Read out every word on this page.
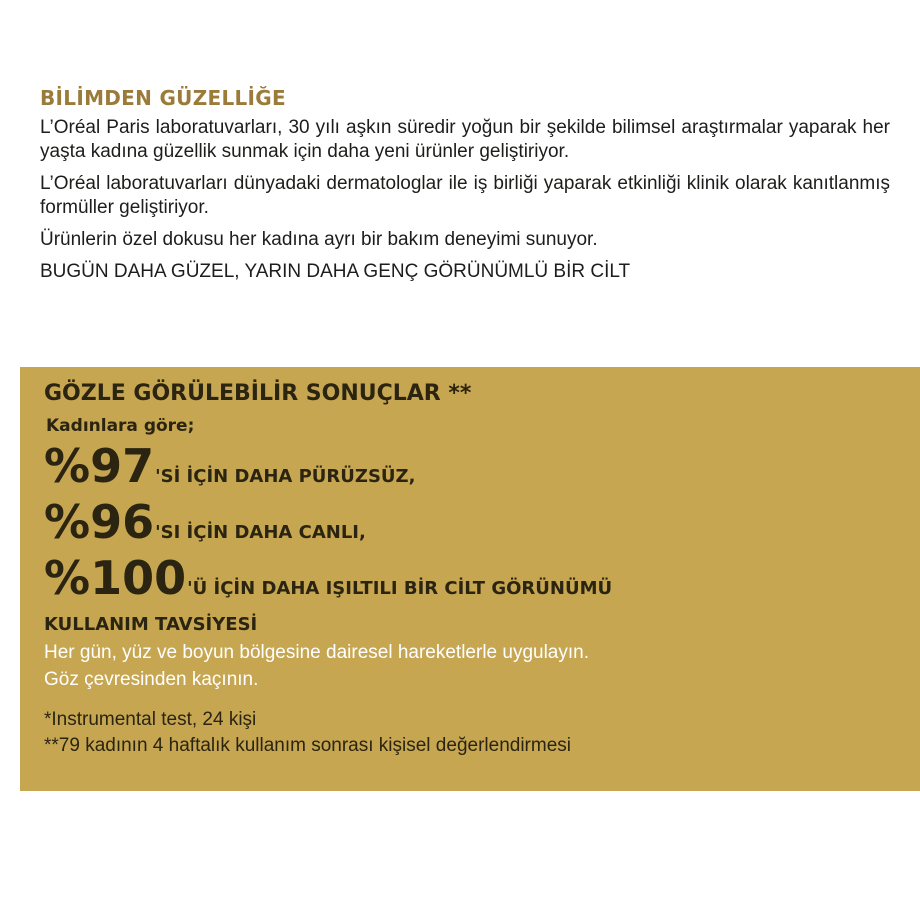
BİLİMDEN GÜZELLİĞE

L’Oréal Paris laboratuvarları, 30 yılı aşkın süredir yoğun bir şekilde bilimsel araştırmalar yaparak her yaşta kadına güzellik sunmak için daha yeni ürünler geliştiriyor.

L’Oréal laboratuvarları dünyadaki dermatologlar ile iş birliği yaparak etkinliği klinik olarak kanıtlanmış formüller geliştiriyor.

Ürünlerin özel dokusu her kadına ayrı bir bakım deneyimi sunuyor.

BUGÜN DAHA GÜZEL, YARIN DAHA GENÇ GÖRÜNÜMLÜ BİR CİLT

GÖZLE GÖRÜLEBİLİR SONUÇLAR **
Kadınlara göre;
%97 'Sİ İÇİN DAHA PÜRÜZSÜZ,
%96 'SI İÇİN DAHA CANLI,
%100 'Ü İÇİN DAHA IŞILTILI BİR CİLT GÖRÜNÜMÜ
KULLANIM TAVSİYESİ

Her gün, yüz ve boyun bölgesine dairesel hareketlerle uygulayın.

Göz çevresinden kaçının.

*Instrumental test, 24 kişi
**79 kadının 4 haftalık kullanım sonrası kişisel değerlendirmesi
